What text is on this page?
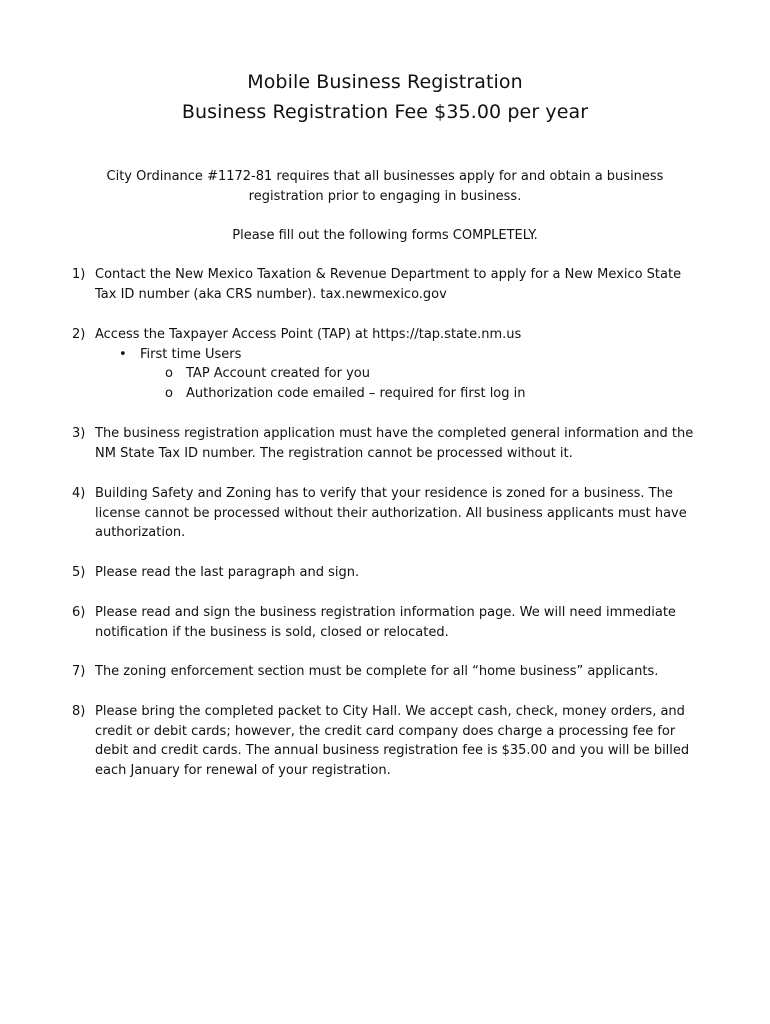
Mobile Business Registration
Business Registration Fee $35.00 per year

City Ordinance #1172-81 requires that all businesses apply for and obtain a business registration prior to engaging in business.

Please fill out the following forms COMPLETELY.

1) Contact the New Mexico Taxation & Revenue Department to apply for a New Mexico State Tax ID number (aka CRS number). tax.newmexico.gov
2) Access the Taxpayer Access Point (TAP) at https://tap.state.nm.us
• First time Users
o TAP Account created for you
o Authorization code emailed – required for first log in
3) The business registration application must have the completed general information and the NM State Tax ID number. The registration cannot be processed without it.
4) Building Safety and Zoning has to verify that your residence is zoned for a business. The license cannot be processed without their authorization. All business applicants must have authorization.
5) Please read the last paragraph and sign.
6) Please read and sign the business registration information page. We will need immediate notification if the business is sold, closed or relocated.
7) The zoning enforcement section must be complete for all “home business” applicants.
8) Please bring the completed packet to City Hall. We accept cash, check, money orders, and credit or debit cards; however, the credit card company does charge a processing fee for debit and credit cards. The annual business registration fee is $35.00 and you will be billed each January for renewal of your registration.
